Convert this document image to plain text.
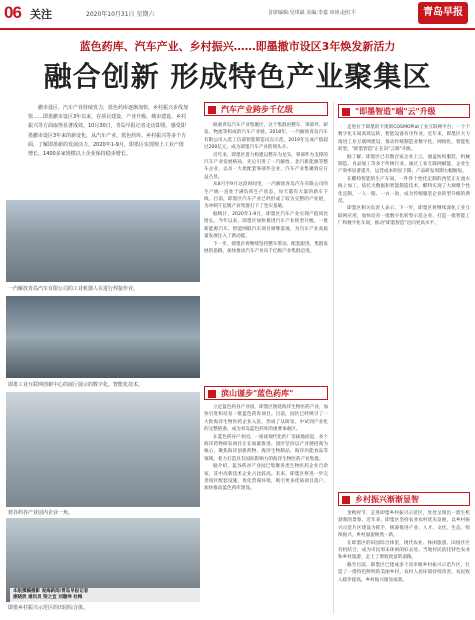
06 关注	2020年10月31日 星期六	首席编辑:吴琪斌 美编:李嘉 审读:赵红平	青岛早报
蓝色药库、汽车产业、乡村振兴……即墨撤市设区3年焕发新活力
融合创新 形成特色产业聚集区
撤市设区，汽车产业持续发力，蓝色药库逐渐加快，乡村振兴步伐加快……即墨撤市设区3年以来，在项目建设、产业升级、城市建设、乡村振兴等方面取得显著成效，10月30日，青岛早报记者走访即墨，感受即墨撤市设区3年来的新变化，从汽车产业、蓝色药库、乡村振兴等多个方面，了解即墨新的发展活力。2020年1-9月，即墨区实现规上工业产值增长，1400多家规模以上企业保持稳步增长。
一汽解放青岛汽车有限公司的工业机器人在进行焊接作业。
即墨工业互联网创新中心的展厅展示的数字化、智能化技术。
蓝谷药谷产业园内企业一角。
即墨乡村振兴示范区的田园综合体。
汽车产业跨步千亿级

纵观青岛汽车产业集聚区，这个集群由整车、零部件、研发、物流等构成的汽车产业链。2018年，一汽解放青岛汽车有限公司入选工信部智能制造试点示范，2019年完成产值超过200亿元，成为即墨汽车产业的领头羊。

近年来，即墨区着力构建以整车为龙头，零部件为支撑的汽车产业发展格局，先后引进了一汽解放、北汽新能源等整车企业，以及一大批配套零部件企业，汽车产业集聚效应日益凸显。

从8月至9月这段时间里，一汽解放青岛汽车有限公司的生产线一直处于满负荷生产状态，每天都有大量的新车下线。目前，即墨区汽车产业已经形成了较为完整的产业链，为冲刺千亿级产业集群打下了坚实基础。

据统计，2020年1-9月，即墨区汽车产业实现产值同比增长。今年以来，即墨区加快推进汽车产业转型升级，一批新能源汽车、智能网联汽车项目相继落地，为汽车产业高质量发展注入了新动能。

下一步，即墨区将继续坚持整车带动、配套跟进、集群发展的思路，加快推动汽车产业向千亿级产业集群迈进。

滨山谨步"蓝色药库"

立足蓝色药谷产业园，即墨区围绕海洋生物医药产业，加快引进和培育一批蓝色药库项目。目前，园区已经吸引了一大批海洋生物医药企业入驻，形成了从研发、中试到产业化的完整链条，成为青岛蓝色药库的重要承载区。

在蓝色药谷产业园，一座座现代化的厂房拔地而起，多个海洋药物研发项目正在加紧推进。园区坚持以产业链招商为核心，聚焦海洋创新药物、海洋生物制品、海洋功能食品等领域，着力打造具有国际影响力的海洋生物医药产业集群。

据介绍，蓝谷药谷产业园已集聚各类生物医药企业百余家，其中高新技术企业占比较高。未来，即墨区将进一步完善园区配套设施，优化营商环境，吸引更多优质项目落户，加快推动蓝色药库建设。

"即墨智造"端"云"升级

走进位于即墨的卡奥斯COSMOPlat工业互联网平台，一个个数字化车间高效运转，智能设备有序作业。近年来，即墨区大力推进工业互联网建设，推动传统制造业数字化、网络化、智能化转型，"即墨智造"正在向"云端"升级。

据了解，即墨区已有数百家企业上云，涵盖纺织服装、机械制造、食品加工等多个传统行业。通过工业互联网赋能，企业生产效率显著提升，运营成本明显下降，产品研发周期大幅缩短。

在酷特智能的生产车间，一件件个性化定制的西装正在流水线上加工。依托大数据和智能制造技术，酷特实现了大规模个性化定制，一人一版、一衣一款，成为传统服装企业转型升级的典范。

即墨区相关负责人表示，下一步，即墨区将继续深化工业互联网应用，加快培育一批数字化转型示范企业，打造一批智能工厂和数字化车间，推动"即墨智造"迈向更高水平。

乡村振兴渐渐显智

金秋时节，走进即墨乡村振兴示范区，处处呈现出一派生机勃勃的景象。近年来，即墨区坚持农业农村优先发展，以乡村振兴示范片区建设为抓手，统筹推进产业、人才、文化、生态、组织振兴，乡村面貌焕然一新。

在即墨区的田园综合体里，现代农业、休闲旅游、田园社区有机结合，成为市民周末休闲的好去处。当地村民依托特色农业和乡村旅游，走上了增收致富的道路。

截至目前，即墨区已建成多个省市级乡村振兴示范片区，打造了一批特色鲜明的美丽乡村，农村人居环境持续改善，农民收入稳步提高，乡村振兴渐显成效。

本版撰稿摄影 观海新闻/青岛早报记者
康晓欣 通讯员 梁之宜 刘璇坤 杜梅
